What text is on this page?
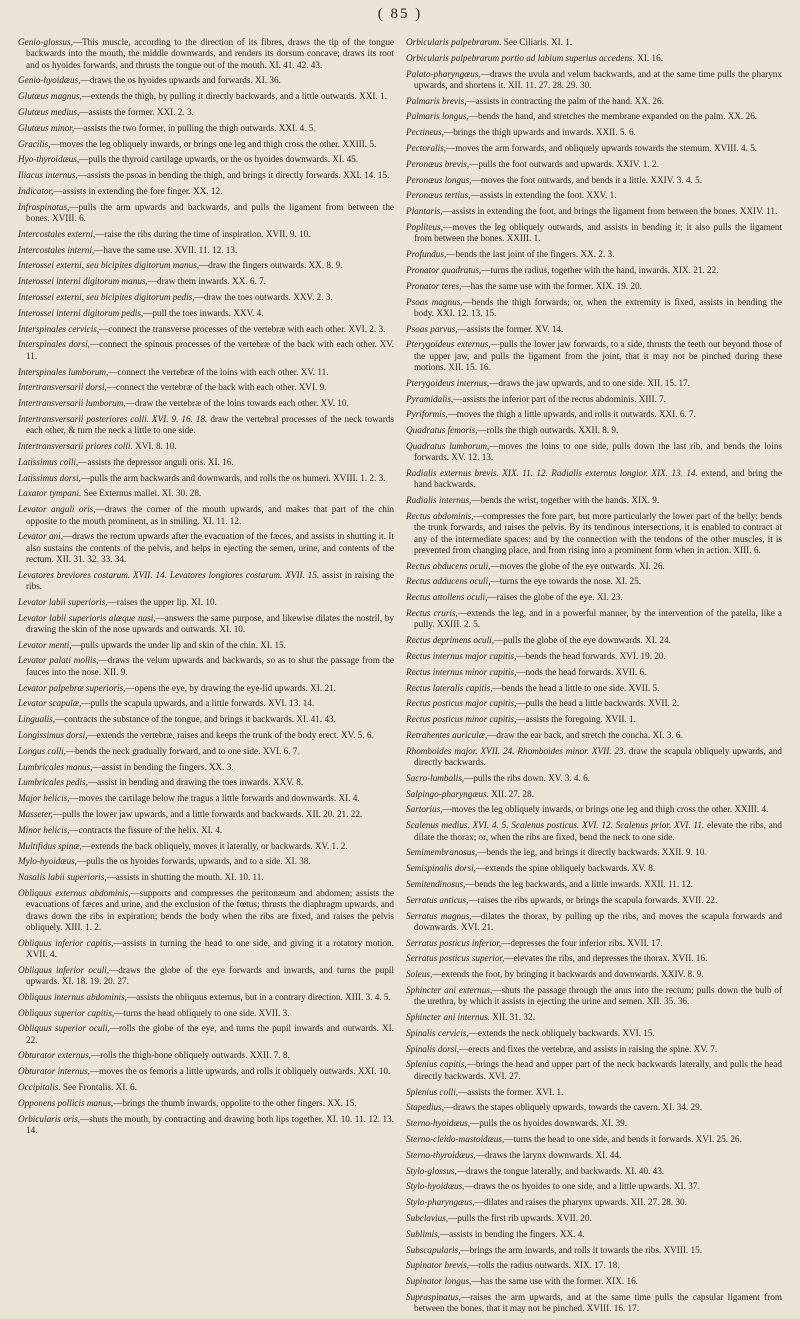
( 85 )

Genio-glossus,—This muscle, according to the direction of its fibres, draws the tip of the tongue backwards into the mouth, the middle downwards, and renders its dorsum concave; draws its root and os hyoides forwards, and thrusts the tongue out of the mouth. XI. 41. 42. 43.

Genio-hyoidæus,—draws the os hyoides upwards and forwards. XI. 36.

Glutæus magnus,—extends the thigh, by pulling it directly backwards, and a little outwards. XXI. 1.

Glutæus medius,—assists the former. XXI. 2. 3.

Glutæus minor,—assists the two former, in pulling the thigh outwards. XXI. 4. 5.

Gracilis,—moves the leg obliquely inwards, or brings one leg and thigh cross the other. XXIII. 5.

Hyo-thyroidæus,—pulls the thyroid cartilage upwards, or the os hyoides downwards. XI. 45.

Iliacus internus,—assists the psoas in bending the thigh, and brings it directly forwards. XXI. 14. 15.

Indicator,—assists in extending the fore finger. XX. 12.

Infraspinatus,—pulls the arm upwards and backwards, and pulls the ligament from between the bones. XVIII. 6.

Intercostales externi,—raise the ribs during the time of inspiration. XVII. 9. 10.

Intercostales interni,—have the same use. XVII. 11. 12. 13.

Interossei externi, seu bicipites digitorum manus,—draw the fingers outwards. XX. 8. 9.

Interossei interni digitorum manus,—draw them inwards. XX. 6. 7.

Interossei externi, seu bicipites digitorum pedis,—draw the toes outwards. XXV. 2. 3.

Interossei interni digitorum pedis,—pull the toes inwards. XXV. 4.

Interspinales cervicis,—connect the transverse processes of the vertebræ with each other. XVI. 2. 3.

Interspinales dorsi,—connect the spinous processes of the vertebræ of the back with each other. XV. 11.

Interspinales lumborum,—connect the vertebræ of the loins with each other. XV. 11.

Intertransversarii dorsi,—connect the vertebræ of the back with each other. XVI. 9.

Intertransversarii lumborum,—draw the vertebræ of the loins towards each other. XV. 10.

Intertransversarii posteriores colli. XVI. 9. 16. 18. draw the vertebral processes of the neck towards each other, & turn the neck a little to one side.

Intertransversarii priores colli. XVI. 8. 10.

Latissimus colli,—assists the depressor anguli oris. XI. 16.

Latissimus dorsi,—pulls the arm backwards and downwards, and rolls the os humeri. XVIII. 1. 2. 3.

Laxator tympani. See Externus mallei. XI. 30. 28.

Levator anguli oris,—draws the corner of the mouth upwards, and makes that part of the chin opposite to the mouth prominent, as in smiling. XI. 11. 12.

Levator ani,—draws the rectum upwards after the evacuation of the fæces, and assists in shutting it. It also sustains the contents of the pelvis, and helps in ejecting the semen, urine, and contents of the rectum. XII. 31. 32. 33. 34.

Levatores breviores costarum. XVII. 14. Levatores longiores costarum. XVII. 15. assist in raising the ribs.

Levator labii superioris,—raises the upper lip. XI. 10.

Levator labii superioris alæque nasi,—answers the same purpose, and likewise dilates the nostril, by drawing the skin of the nose upwards and outwards. XI. 10.

Levator menti,—pulls upwards the under lip and skin of the chin. XI. 15.

Levator palati mollis,—draws the velum upwards and backwards, so as to shut the passage from the fauces into the nose. XII. 9.

Levator palpebræ superioris,—opens the eye, by drawing the eye-lid upwards. XI. 21.

Levator scapulæ,—pulls the scapula upwards, and a little forwards. XVI. 13. 14.

Lingualis,—contracts the substance of the tongue, and brings it backwards. XI. 41. 43.

Longissimus dorsi,—extends the vertebræ, raises and keeps the trunk of the body erect. XV. 5. 6.

Longus colli,—bends the neck gradually forward, and to one side. XVI. 6. 7.

Lumbricales manus,—assist in bending the fingers. XX. 3.

Lumbricales pedis,—assist in bending and drawing the toes inwards. XXV. 8.

Major helicis,—moves the cartilage below the tragus a little forwards and downwards. XI. 4.

Masseter,—pulls the lower jaw upwards, and a little forwards and backwards. XII. 20. 21. 22.

Minor helicis,—contracts the fissure of the helix. XI. 4.

Multifidus spinæ,—extends the back obliquely, moves it laterally, or backwards. XV. 1. 2.

Mylo-hyoidæus,—pulls the os hyoides forwards, upwards, and to a side. XI. 38.

Nasalis labii superioris,—assists in shutting the mouth. XI. 10. 11.

Obliquus externus abdominis,—supports and compresses the peritonæum and abdomen; assists the evacuations of fæces and urine, and the exclusion of the fœtus; thrusts the diaphragm upwards, and draws down the ribs in expiration; bends the body when the ribs are fixed, and raises the pelvis obliquely. XIII. 1. 2.

Obliquus inferior capitis,—assists in turning the head to one side, and giving it a rotatory motion. XVII. 4.

Obliquus inferior oculi,—draws the globe of the eye forwards and inwards, and turns the pupil upwards. XI. 18. 19. 20. 27.

Obliquus internus abdominis,—assists the obliquus externus, but in a contrary direction. XIII. 3. 4. 5.

Obliquus superior capitis,—turns the head obliquely to one side. XVII. 3.

Obliquus superior oculi,—rolls the globe of the eye, and turns the pupil inwards and outwards. XI. 22.

Obturator externus,—rolls the thigh-bone obliquely outwards. XXII. 7. 8.

Obturator internus,—moves the os femoris a little upwards, and rolls it obliquely outwards. XXI. 10.

Occipitalis. See Frontalis. XI. 6.

Opponens pollicis manus,—brings the thumb inwards, oppolite to the other fingers. XX. 15.

Orbicularis oris,—shuts the mouth, by contracting and drawing both lips together. XI. 10. 11. 12. 13. 14.

Orbicularis palpebrarum. See Ciliaris. XI. 1.

Orbicularis palpebrarum portio ad labium superius accedens. XI. 16.

Palato-pharyngæus,—draws the uvula and velum backwards, and at the same time pulls the pharynx upwards, and shortens it. XII. 11. 27. 28. 29. 30.

Palmaris brevis,—assists in contracting the palm of the hand. XX. 26.

Palmaris longus,—bends the hand, and stretches the membrane expanded on the palm. XX. 26.

Pectineus,—brings the thigh upwards and inwards. XXII. 5. 6.

Pectoralis,—moves the arm forwards, and obliquely upwards towards the sternum. XVIII. 4. 5.

Peronæus brevis,—pulls the foot outwards and upwards. XXIV. 1. 2.

Peronæus longus,—moves the foot outwards, and bends it a little. XXIV. 3. 4. 5.

Peronæus tertius,—assists in extending the foot. XXV. 1.

Plantaris,—assists in extending the foot, and brings the ligament from between the bones. XXIV. 11.

Popliteus,—moves the leg obliquely outwards, and assists in bending it; it also pulls the ligament from between the bones. XXIII. 1.

Profundus,—bends the last joint of the fingers. XX. 2. 3.

Pronator quadratus,—turns the radius, together with the hand, inwards. XIX. 21. 22.

Pronator teres,—has the same use with the former. XIX. 19. 20.

Psoas magnus,—bends the thigh forwards; or, when the extremity is fixed, assists in bending the body. XXI. 12. 13. 15.

Psoas parvus,—assists the former. XV. 14.

Pterygoideus externus,—pulls the lower jaw forwards, to a side, thrusts the teeth out beyond those of the upper jaw, and pulls the ligament from the joint, that it may not be pinched during these motions. XII. 15. 16.

Pterygoideus internus,—draws the jaw upwards, and to one side. XII. 15. 17.

Pyramidalis,—assists the inferior part of the rectus abdominis. XIII. 7.

Pyriformis,—moves the thigh a little upwards, and rolls it outwards. XXI. 6. 7.

Quadratus femoris,—rolls the thigh outwards. XXII. 8. 9.

Quadratus lumborum,—moves the loins to one side, pulls down the last rib, and bends the loins forwards. XV. 12. 13.

Radialis externus brevis. XIX. 11. 12. Radialis externus longior. XIX. 13. 14. extend, and bring the hand backwards.

Radialis internus,—bends the wrist, together with the hands. XIX. 9.

Rectus abdominis,—compresses the fore part, but more particularly the lower part of the belly; bends the trunk forwards, and raises the pelvis. By its tendinous intersections, it is enabled to contract at any of the intermediate spaces; and by the connection with the tendons of the other muscles, it is prevented from changing place, and from rising into a prominent form when in action. XIII. 6.

Rectus abducens oculi,—moves the globe of the eye outwards. XI. 26.

Rectus adducens oculi,—turns the eye towards the nose. XI. 25.

Rectus attollens oculi,—raises the globe of the eye. XI. 23.

Rectus cruris,—extends the leg, and in a powerful manner, by the intervention of the patella, like a pully. XXIII. 2. 5.

Rectus deprimens oculi,—pulls the globe of the eye downwards. XI. 24.

Rectus internus major capitis,—bends the head forwards. XVI. 19. 20.

Rectus internus minor capitis,—nods the head forwards. XVII. 6.

Rectus lateralis capitis,—bends the head a little to one side. XVII. 5.

Rectus posticus major capitis,—pulls the head a little backwards. XVII. 2.

Rectus posticus minor capitis,—assists the foregoing. XVII. 1.

Retrahentes auriculæ,—draw the ear back, and stretch the concha. XI. 3. 6.

Rhomboides major. XVII. 24. Rhomboides minor. XVII. 23. draw the scapula obliquely upwards, and directly backwards.

Sacro-lumbalis,—pulls the ribs down. XV. 3. 4. 6.

Salpingo-pharyngæus. XII. 27. 28.

Sartorius,—moves the leg obliquely inwards, or brings one leg and thigh cross the other. XXIII. 4.

Scalenus medius. XVI. 4. 5. Scalenus posticus. XVI. 12. Scalenus prior. XVI. 11. elevate the ribs, and dilate the thorax; or, when the ribs are fixed, bend the neck to one side.

Semimembranosus,—bends the leg, and brings it directly backwards. XXII. 9. 10.

Semispinalis dorsi,—extends the spine obliquely backwards. XV. 8.

Semitendinosus,—bends the leg backwards, and a little inwards. XXII. 11. 12.

Serratus anticus,—raises the ribs upwards, or brings the scapula forwards. XVII. 22.

Serratus magnus,—dilates the thorax, by pulling up the ribs, and moves the scapula forwards and downwards. XVI. 21.

Serratus posticus inferior,—depresses the four inferior ribs. XVII. 17.

Serratus posticus superior,—elevates the ribs, and depresses the thorax. XVII. 16.

Soleus,—extends the foot, by bringing it backwards and downwards. XXIV. 8. 9.

Sphincter ani externus,—shuts the passage through the anus into the rectum; pulls down the bulb of the urethra, by which it assists in ejecting the urine and semen. XII. 35. 36.

Sphincter ani internus. XII. 31. 32.

Spinalis cervicis,—extends the neck obliquely backwards. XVI. 15.

Spinalis dorsi,—erects and fixes the vertebræ, and assists in raising the spine. XV. 7.

Splenius capitis,—brings the head and upper part of the neck backwards laterally, and pulls the head directly backwards. XVI. 27.

Splenius colli,—assists the former. XVI. 1.

Stapedius,—draws the stapes obliquely upwards, towards the cavern. XI. 34. 29.

Sterno-hyoidæus,—pulls the os hyoides downwards. XI. 39.

Sterno-cleido-mastoidæus,—turns the head to one side, and bends it forwards. XVI. 25. 26.

Sterno-thyroidæus,—draws the larynx downwards. XI. 44.

Stylo-glossus,—draws the tongue laterally, and backwards. XI. 40. 43.

Stylo-hyoidæus,—draws the os hyoides to one side, and a little upwards. XI. 37.

Stylo-pharyngæus,—dilates and raises the pharynx upwards. XII. 27. 28. 30.

Subclavius,—pulls the first rib upwards. XVII. 20.

Sublimis,—assists in bending the fingers. XX. 4.

Subscapularis,—brings the arm inwards, and rolls it towards the ribs. XVIII. 15.

Supinator brevis,—rolls the radius outwards. XIX. 17. 18.

Supinator longus,—has the same use with the former. XIX. 16.

Supraspinatus,—raises the arm upwards, and at the same time pulls the capsular ligament from between the bones, that it may not be pinched. XVIII. 16. 17.
